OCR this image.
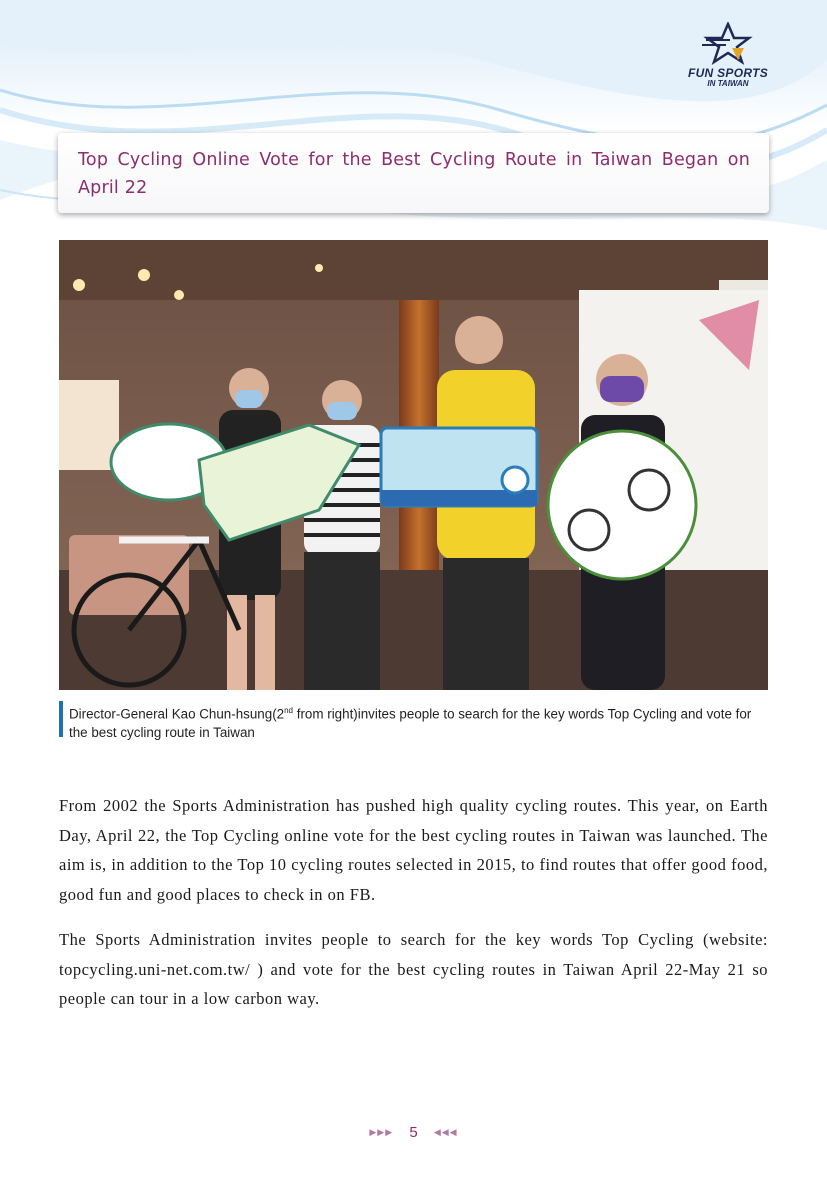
FUN SPORTS
IN TAIWAN
Top Cycling Online Vote for the Best Cycling Route in Taiwan Began on April 22
Director-General Kao Chun-hsung(2nd from right)invites people to search for the key words Top Cycling and vote for the best cycling route in Taiwan

From 2002 the Sports Administration has pushed high quality cycling routes. This year, on Earth Day, April 22, the Top Cycling online vote for the best cycling routes in Taiwan was launched. The aim is, in addition to the Top 10 cycling routes selected in 2015, to find routes that offer good food, good fun and good places to check in on FB.

The Sports Administration invites people to search for the key words Top Cycling (website: topcycling.uni-net.com.tw/ ) and vote for the best cycling routes in Taiwan April 22-May 21 so people can tour in a low carbon way.

▶▶▶ 5 ◀◀◀
